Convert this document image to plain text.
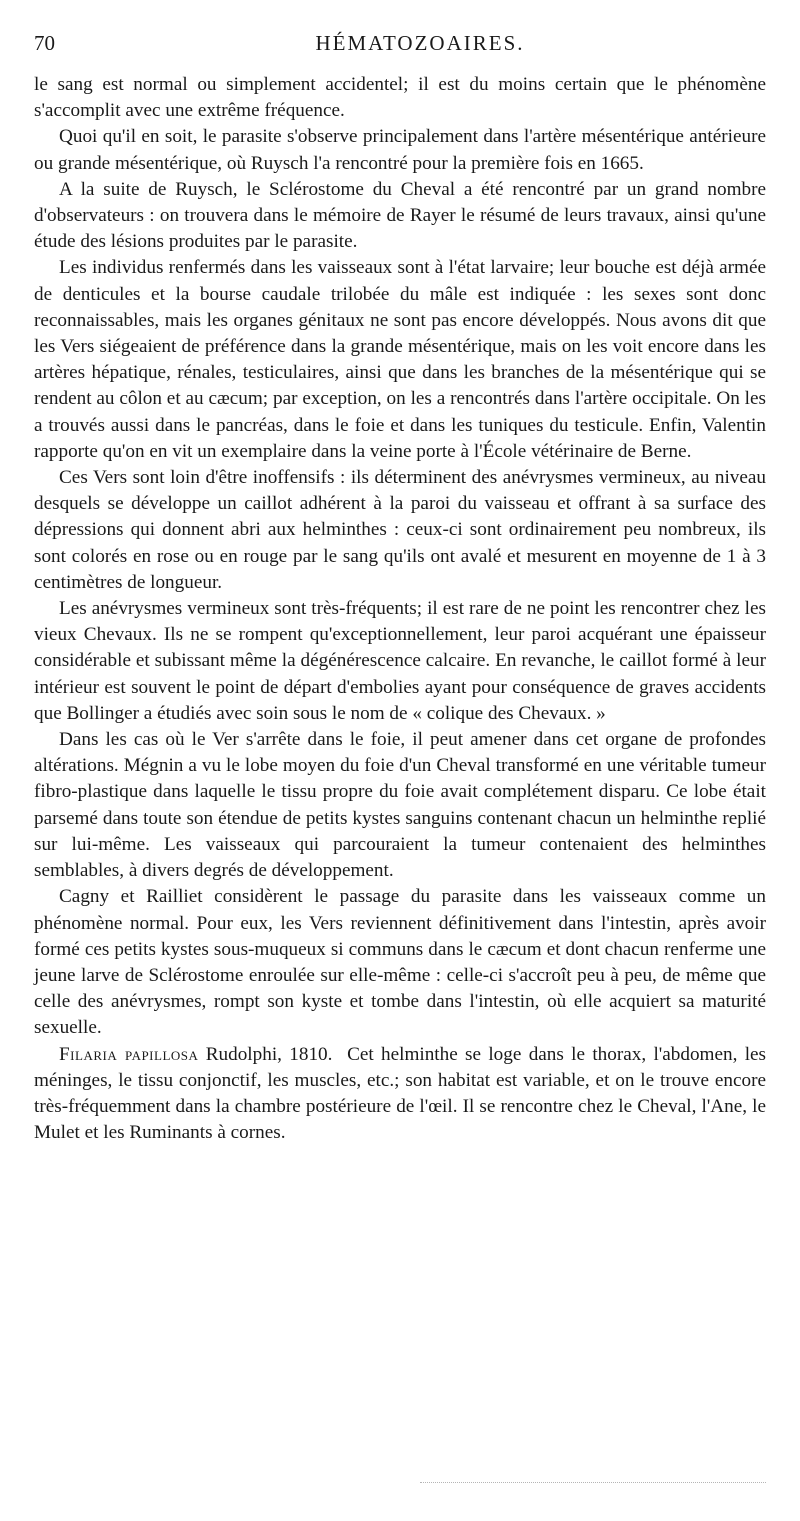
70	HÉMATOZOAIRES.

le sang est normal ou simplement accidentel; il est du moins certain que le phénomène s'accomplit avec une extrême fréquence.

Quoi qu'il en soit, le parasite s'observe principalement dans l'artère mésentérique antérieure ou grande mésentérique, où Ruysch l'a rencontré pour la première fois en 1665.

A la suite de Ruysch, le Sclérostome du Cheval a été rencontré par un grand nombre d'observateurs : on trouvera dans le mémoire de Rayer le résumé de leurs travaux, ainsi qu'une étude des lésions produites par le parasite.

Les individus renfermés dans les vaisseaux sont à l'état larvaire; leur bouche est déjà armée de denticules et la bourse caudale trilobée du mâle est indiquée : les sexes sont donc reconnaissables, mais les organes génitaux ne sont pas encore développés. Nous avons dit que les Vers siégeaient de préférence dans la grande mésentérique, mais on les voit encore dans les artères hépatique, rénales, testiculaires, ainsi que dans les branches de la mésentérique qui se rendent au côlon et au cæcum; par exception, on les a rencontrés dans l'artère occipitale. On les a trouvés aussi dans le pancréas, dans le foie et dans les tuniques du testicule. Enfin, Valentin rapporte qu'on en vit un exemplaire dans la veine porte à l'École vétérinaire de Berne.

Ces Vers sont loin d'être inoffensifs : ils déterminent des anévrysmes vermineux, au niveau desquels se développe un caillot adhérent à la paroi du vaisseau et offrant à sa surface des dépressions qui donnent abri aux helminthes : ceux-ci sont ordinairement peu nombreux, ils sont colorés en rose ou en rouge par le sang qu'ils ont avalé et mesurent en moyenne de 1 à 3 centimètres de longueur.

Les anévrysmes vermineux sont très-fréquents; il est rare de ne point les rencontrer chez les vieux Chevaux. Ils ne se rompent qu'exceptionnellement, leur paroi acquérant une épaisseur considérable et subissant même la dégénérescence calcaire. En revanche, le caillot formé à leur intérieur est souvent le point de départ d'embolies ayant pour conséquence de graves accidents que Bollinger a étudiés avec soin sous le nom de « colique des Chevaux. »

Dans les cas où le Ver s'arrête dans le foie, il peut amener dans cet organe de profondes altérations. Mégnin a vu le lobe moyen du foie d'un Cheval transformé en une véritable tumeur fibro-plastique dans laquelle le tissu propre du foie avait complétement disparu. Ce lobe était parsemé dans toute son étendue de petits kystes sanguins contenant chacun un helminthe replié sur lui-même. Les vaisseaux qui parcouraient la tumeur contenaient des helminthes semblables, à divers degrés de développement.

Cagny et Railliet considèrent le passage du parasite dans les vaisseaux comme un phénomène normal. Pour eux, les Vers reviennent définitivement dans l'intestin, après avoir formé ces petits kystes sous-muqueux si communs dans le cæcum et dont chacun renferme une jeune larve de Sclérostome enroulée sur elle-même : celle-ci s'accroît peu à peu, de même que celle des anévrysmes, rompt son kyste et tombe dans l'intestin, où elle acquiert sa maturité sexuelle.

Filaria papillosa Rudolphi, 1810. Cet helminthe se loge dans le thorax, l'abdomen, les méninges, le tissu conjonctif, les muscles, etc.; son habitat est variable, et on le trouve encore très-fréquemment dans la chambre postérieure de l'œil. Il se rencontre chez le Cheval, l'Ane, le Mulet et les Ruminants à cornes.
